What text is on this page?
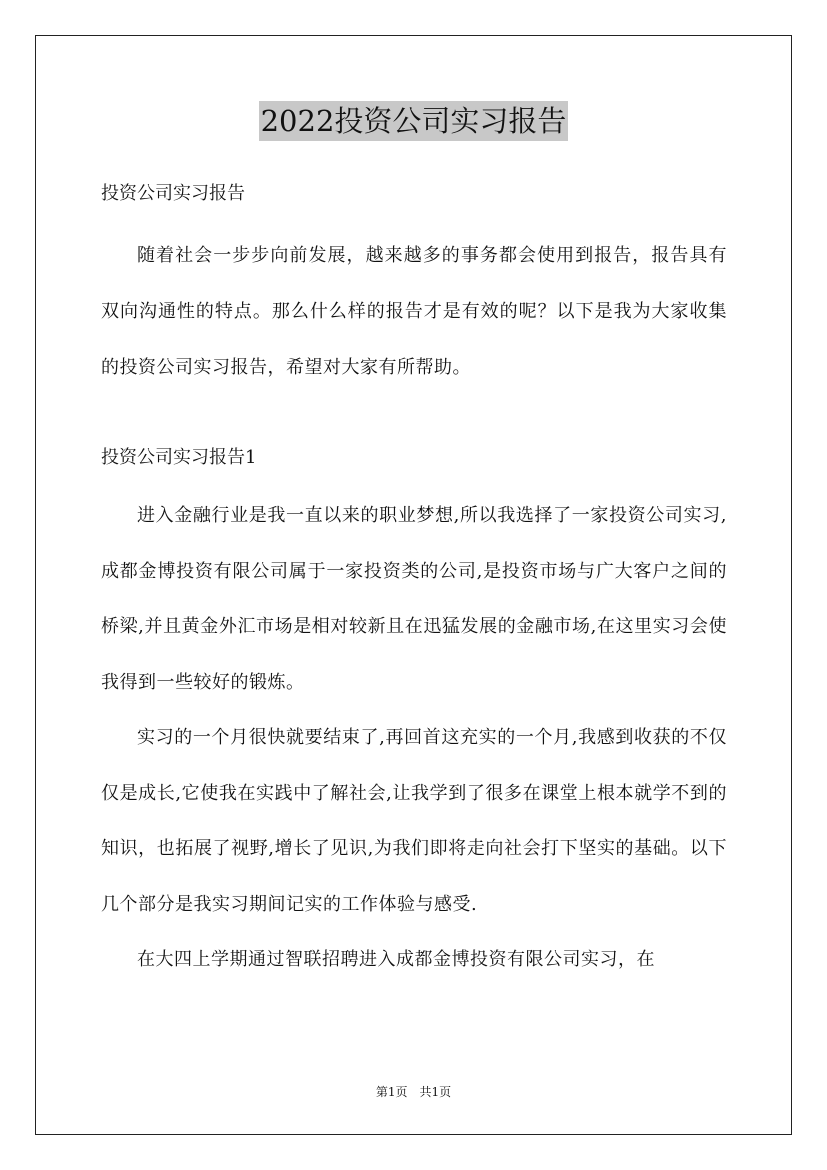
2022投资公司实习报告

投资公司实习报告

随着社会一步步向前发展，越来越多的事务都会使用到报告，报告具有双向沟通性的特点。那么什么样的报告才是有效的呢？以下是我为大家收集的投资公司实习报告，希望对大家有所帮助。

投资公司实习报告1

进入金融行业是我一直以来的职业梦想,所以我选择了一家投资公司实习,成都金博投资有限公司属于一家投资类的公司,是投资市场与广大客户之间的桥梁,并且黄金外汇市场是相对较新且在迅猛发展的金融市场,在这里实习会使我得到一些较好的锻炼。

实习的一个月很快就要结束了,再回首这充实的一个月,我感到收获的不仅仅是成长,它使我在实践中了解社会,让我学到了很多在课堂上根本就学不到的知识，也拓展了视野,增长了见识,为我们即将走向社会打下坚实的基础。以下几个部分是我实习期间记实的工作体验与感受.

在大四上学期通过智联招聘进入成都金博投资有限公司实习，在

第1页 共1页
